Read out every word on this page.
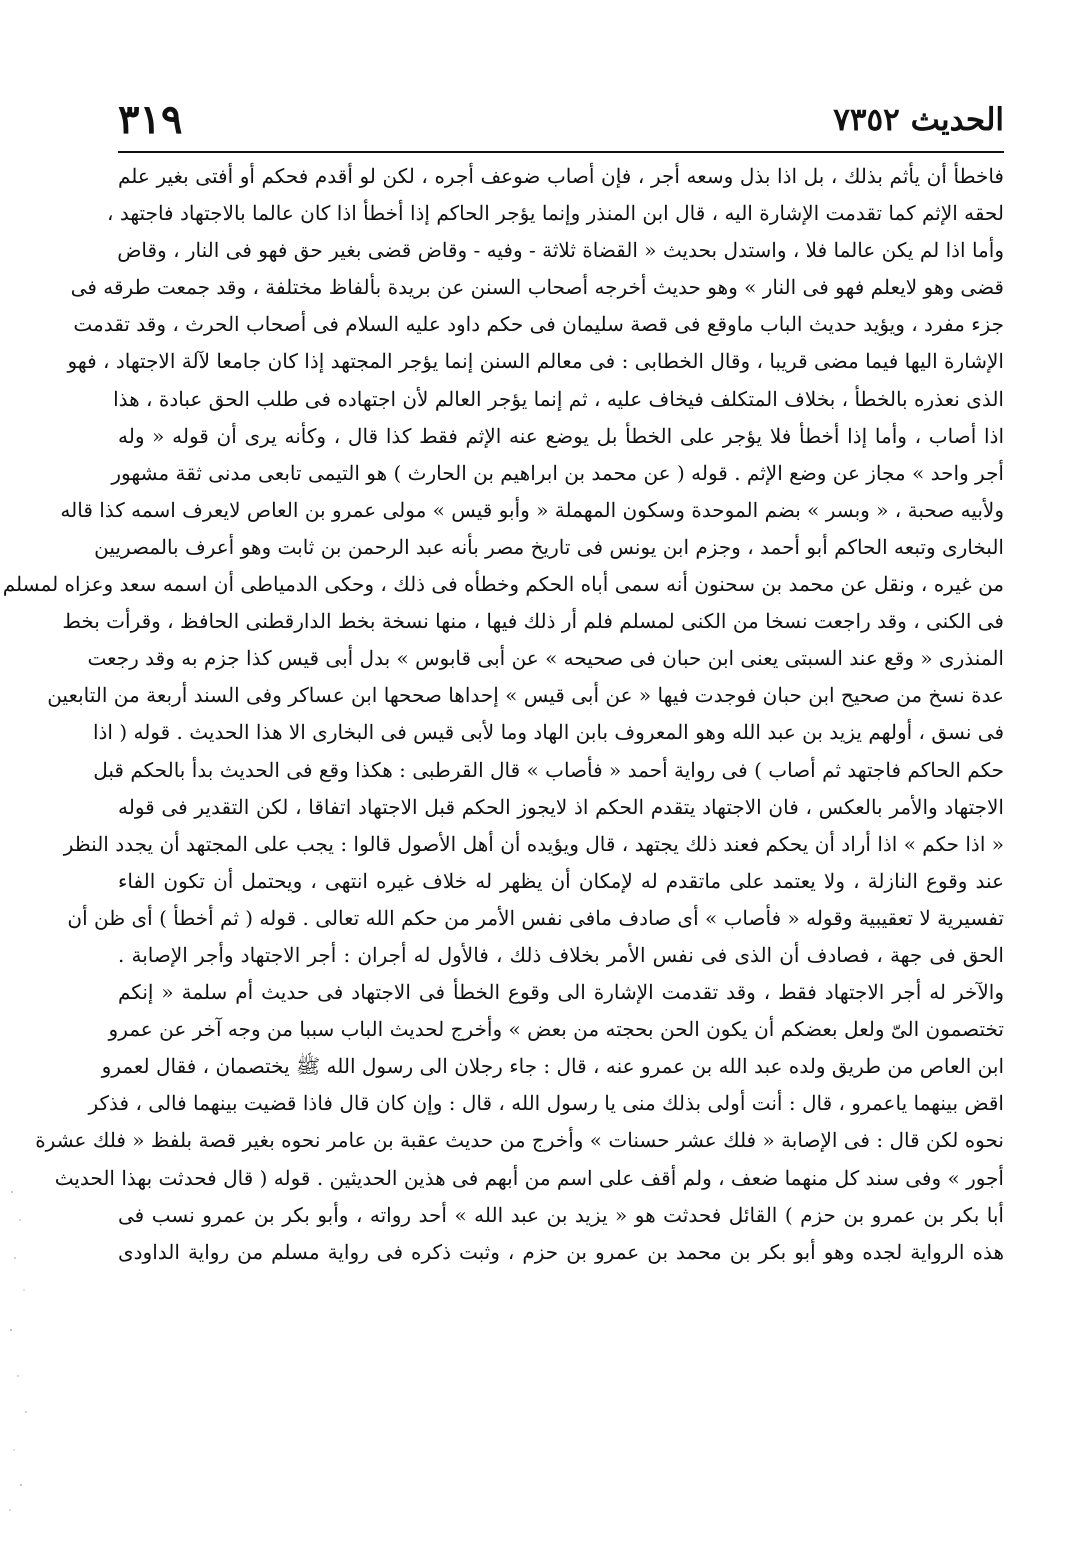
الحديث ٧٣٥٢
٣١٩
فاخطأ أن يأثم بذلك ، بل اذا بذل وسعه أجر ، فإن أصاب ضوعف أجره ، لكن لو أقدم فحكم أو أفتى بغير علم
لحقه الإثم كما تقدمت الإشارة اليه ، قال ابن المنذر وإنما يؤجر الحاكم إذا أخطأ اذا كان عالما بالاجتهاد فاجتهد ،
وأما اذا لم يكن عالما فلا ، واستدل بحديث « القضاة ثلاثة - وفيه - وقاض قضى بغير حق فهو فى النار ، وقاض
قضى وهو لايعلم فهو فى النار » وهو حديث أخرجه أصحاب السنن عن بريدة بألفاظ مختلفة ، وقد جمعت طرقه فى
جزء مفرد ، ويؤيد حديث الباب ماوقع فى قصة سليمان فى حكم داود عليه السلام فى أصحاب الحرث ، وقد تقدمت
الإشارة اليها فيما مضى قريبا ، وقال الخطابى : فى معالم السنن إنما يؤجر المجتهد إذا كان جامعا لآلة الاجتهاد ، فهو
الذى نعذره بالخطأ ، بخلاف المتكلف فيخاف عليه ، ثم إنما يؤجر العالم لأن اجتهاده فى طلب الحق عبادة ، هذا
اذا أصاب ، وأما إذا أخطأ فلا يؤجر على الخطأ بل يوضع عنه الإثم فقط كذا قال ، وكأنه يرى أن قوله « وله
أجر واحد » مجاز عن وضع الإثم . قوله ( عن محمد بن ابراهيم بن الحارث ) هو التيمى تابعى مدنى ثقة مشهور
ولأبيه صحبة ، « وبسر » بضم الموحدة وسكون المهملة « وأبو قيس » مولى عمرو بن العاص لايعرف اسمه كذا قاله
البخارى وتبعه الحاكم أبو أحمد ، وجزم ابن يونس فى تاريخ مصر بأنه عبد الرحمن بن ثابت وهو أعرف بالمصريين
من غيره ، ونقل عن محمد بن سحنون أنه سمى أباه الحكم وخطأه فى ذلك ، وحكى الدمياطى أن اسمه سعد وعزاه لمسلم
فى الكنى ، وقد راجعت نسخا من الكنى لمسلم فلم أر ذلك فيها ، منها نسخة بخط الدارقطنى الحافظ ، وقرأت بخط
المنذرى « وقع عند السبتى يعنى ابن حبان فى صحيحه » عن أبى قابوس » بدل أبى قيس كذا جزم به وقد رجعت
عدة نسخ من صحيح ابن حبان فوجدت فيها « عن أبى قيس » إحداها صححها ابن عساكر وفى السند أربعة من التابعين
فى نسق ، أولهم يزيد بن عبد الله وهو المعروف بابن الهاد وما لأبى قيس فى البخارى الا هذا الحديث . قوله ( اذا
حكم الحاكم فاجتهد ثم أصاب ) فى رواية أحمد « فأصاب » قال القرطبى : هكذا وقع فى الحديث بدأ بالحكم قبل
الاجتهاد والأمر بالعكس ، فان الاجتهاد يتقدم الحكم اذ لايجوز الحكم قبل الاجتهاد اتفاقا ، لكن التقدير فى قوله
« اذا حكم » اذا أراد أن يحكم فعند ذلك يجتهد ، قال ويؤيده أن أهل الأصول قالوا : يجب على المجتهد أن يجدد النظر
عند وقوع النازلة ، ولا يعتمد على ماتقدم له لإمكان أن يظهر له خلاف غيره انتهى ، ويحتمل أن تكون الفاء
تفسيرية لا تعقيبية وقوله « فأصاب » أى صادف مافى نفس الأمر من حكم الله تعالى . قوله ( ثم أخطأ ) أى ظن أن
الحق فى جهة ، فصادف أن الذى فى نفس الأمر بخلاف ذلك ، فالأول له أجران : أجر الاجتهاد وأجر الإصابة .
والآخر له أجر الاجتهاد فقط ، وقد تقدمت الإشارة الى وقوع الخطأ فى الاجتهاد فى حديث أم سلمة « إنكم
تختصمون الىّ ولعل بعضكم أن يكون الحن بحجته من بعض » وأخرج لحديث الباب سببا من وجه آخر عن عمرو
ابن العاص من طريق ولده عبد الله بن عمرو عنه ، قال : جاء رجلان الى رسول الله ﷺ يختصمان ، فقال لعمرو
اقض بينهما ياعمرو ، قال : أنت أولى بذلك منى يا رسول الله ، قال : وإن كان قال فاذا قضيت بينهما فالى ، فذكر
نحوه لكن قال : فى الإصابة « فلك عشر حسنات » وأخرج من حديث عقبة بن عامر نحوه بغير قصة بلفظ « فلك عشرة
أجور » وفى سند كل منهما ضعف ، ولم أقف على اسم من أبهم فى هذين الحديثين . قوله ( قال فحدثت بهذا الحديث
أبا بكر بن عمرو بن حزم ) القائل فحدثت هو « يزيد بن عبد الله » أحد رواته ، وأبو بكر بن عمرو نسب فى
هذه الرواية لجده وهو أبو بكر بن محمد بن عمرو بن حزم ، وثبت ذكره فى رواية مسلم من رواية الداودى
